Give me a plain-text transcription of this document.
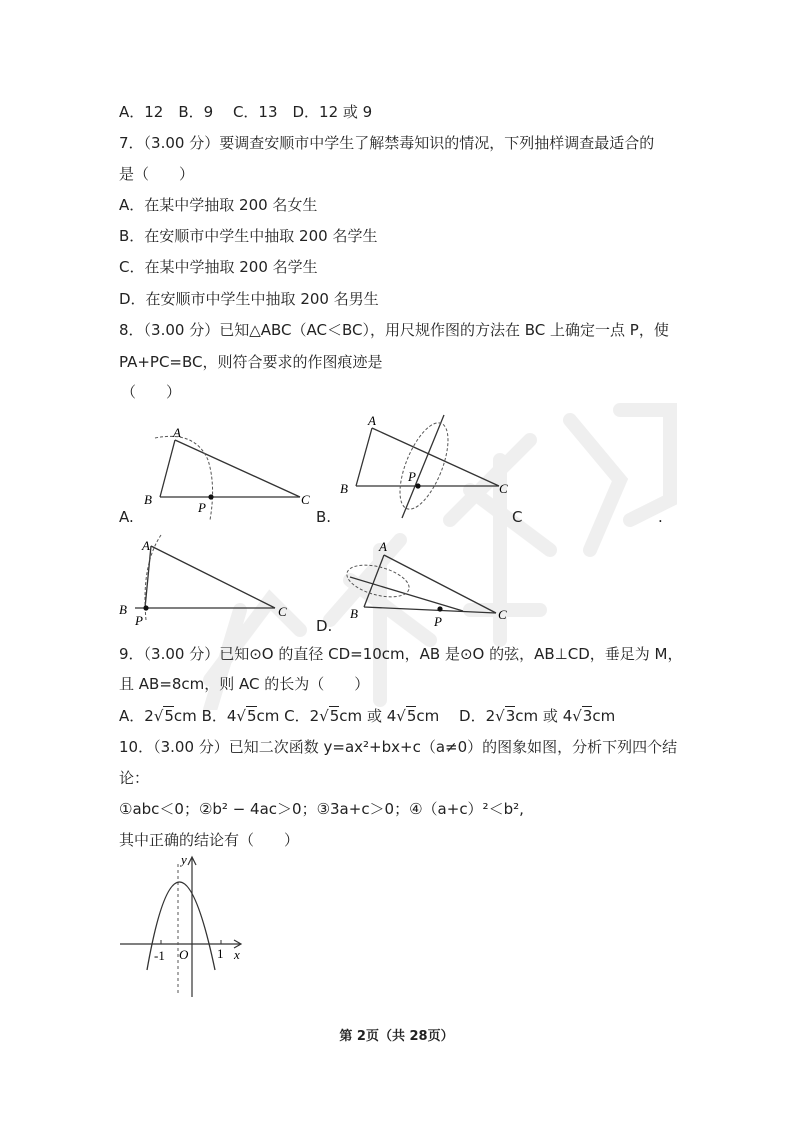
A．12　B．9　 C．13　D．12 或 9
7．（3.00 分）要调查安顺市中学生了解禁毒知识的情况，下列抽样调查最适合的
是（　　）
A．在某中学抽取 200 名女生
B．在安顺市中学生中抽取 200 名学生
C．在某中学抽取 200 名学生
D．在安顺市中学生中抽取 200 名男生
8．（3.00 分）已知△ABC（AC＜BC），用尺规作图的方法在 BC 上确定一点 P，使
PA+PC=BC，则符合要求的作图痕迹是
（　　）
A
B
P
C
A.
A
B
P
C
B.	C	.
A
B
P
C
A
B
P	C
D.
9．（3.00 分）已知⊙O 的直径 CD=10cm，AB 是⊙O 的弦，AB⊥CD，垂足为 M，
且 AB=8cm，则 AC 的长为（　　）
A．2√5cm B．4√5cm C．2√5cm 或 4√5cm 　 D．2√3cm 或 4√3cm
10．（3.00 分）已知二次函数 y=ax²+bx+c（a≠0）的图象如图，分析下列四个结
论：
①abc＜0；②b² − 4ac＞0；③3a+c＞0；④（a+c）²＜b²,
其中正确的结论有（　　）
y
x
O
-1	1
第 2页（共 28页）
